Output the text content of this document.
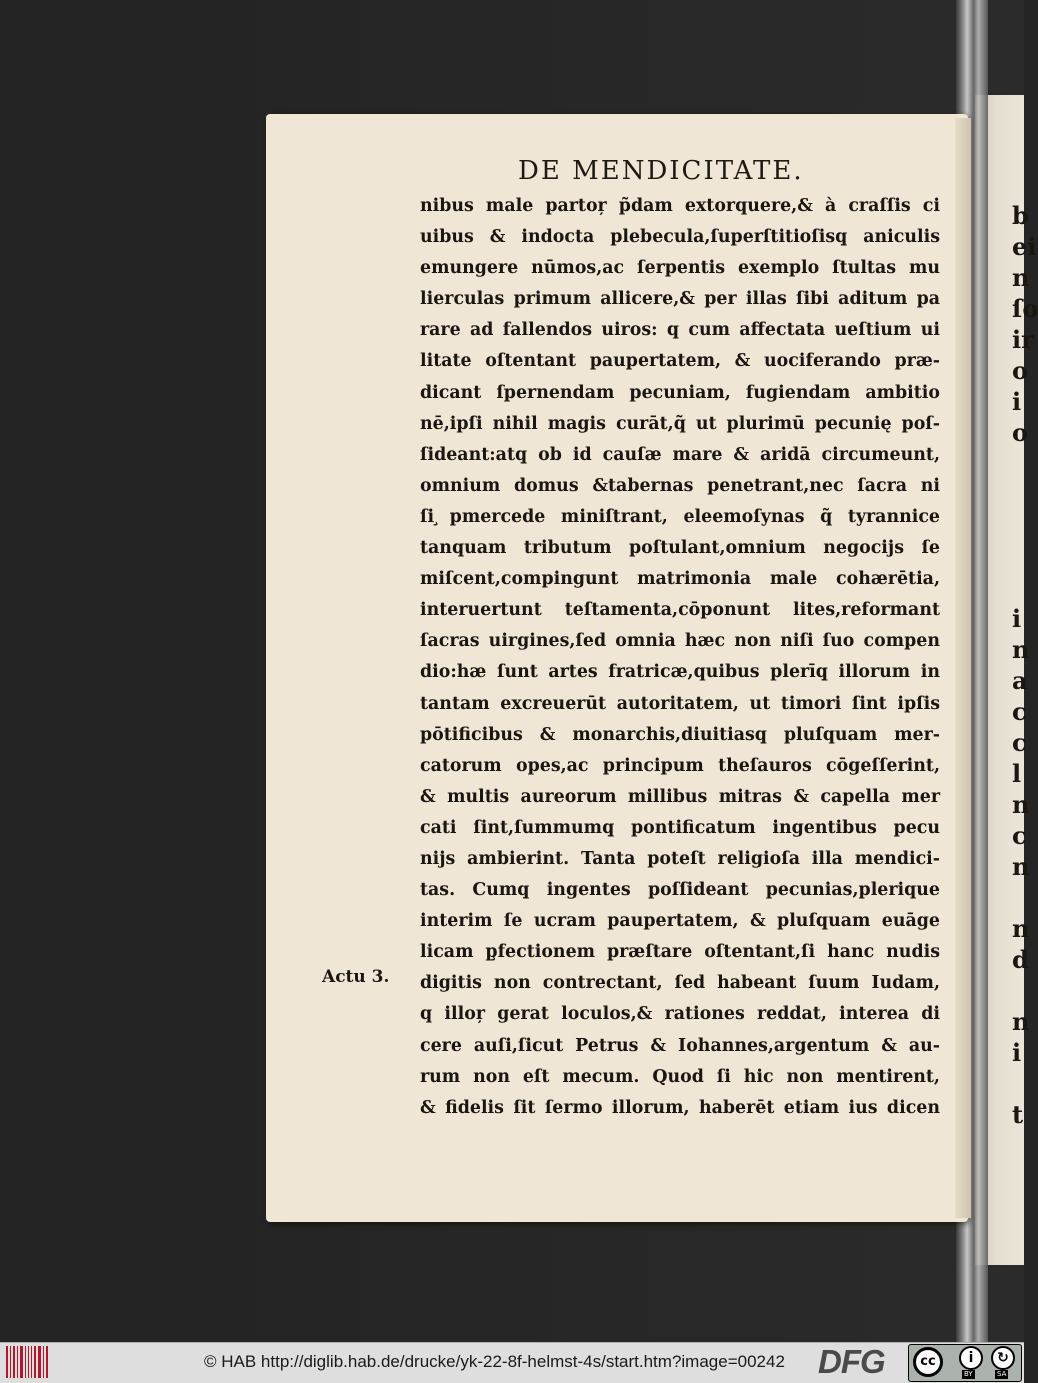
b
ei
n
ſo
ir
o
i
o

i
n
a
c
c
l
n
c
n

n
d

n
i

t
DE MENDICITATE.
nibus male partoŗ p̃dam extorquere,& à craſſis ci
uibus & indocta plebecula,ſuperſtitioſisq̧ aniculis
emungere nūmos,ac ſerpentis exemplo ſtultas mu
lierculas primum allicere,& per illas ſibi aditum pa
rare ad fallendos uiros: q cum affectata ueſtium ui
litate oſtentant paupertatem, & uociferando præ-
dicant ſpernendam pecuniam, fugiendam ambitio
nē,ipſi nihil magis curāt,q̃ ut plurimū pecunię poſ-
ſideant:atq̧ ob id cauſæ mare & aridā circumeunt,
omnium domus &tabernas penetrant,nec ſacra ni
ſi ̧pmercede miniſtrant, eleemoſynas q̃ tyrannice
tanquam tributum poſtulant,omnium negocijs ſe
miſcent,compingunt matrimonia male cohærētia,
interuertunt teſtamenta,cōponunt lites,reformant
ſacras uirgines,ſed omnia hæc non niſi ſuo compen
dio:hæ ſunt artes fratricæ,quibus plerīq̧ illorum in
tantam excreuerūt autoritatem, ut timori ſint ipſis
pōtificibus & monarchis,diuitiasq̧ pluſquam mer-
catorum opes,ac principum theſauros cōgeſſerint,
& multis aureorum millibus mitras & capella mer
cati ſint,ſummumq̧ pontificatum ingentibus pecu
nijs ambierint. Tanta poteſt religioſa illa mendici-
tas. Cumq̧ ingentes poſſideant pecunias,plerique
interim ſe ucram paupertatem, & pluſquam euāge
licam p̧fectionem præſtare oſtentant,ſi hanc nudis
digitis non contrectant, ſed habeant ſuum Iudam,
q illoŗ gerat loculos,& rationes reddat, interea di
cere auſi,ſicut Petrus & Iohannes,argentum & au-
rum non eſt mecum. Quod ſi hic non mentirent,
& fidelis ſit ſermo illorum, haberēt etiam ius dicen
Actu 3.
© HAB http://diglib.hab.de/drucke/yk-22-8f-helmst-4s/start.htm?image=00242 DFG	cc	i	↻
BY	SA
